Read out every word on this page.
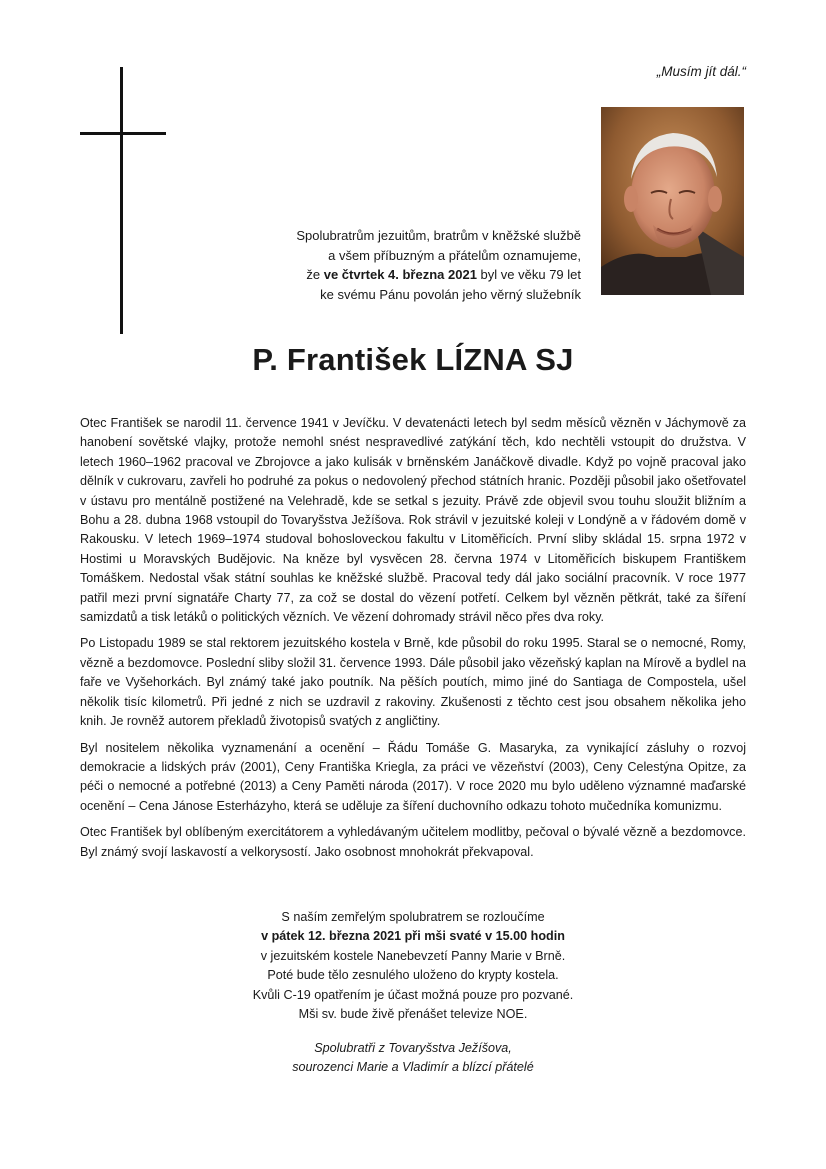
„Musím jít dál.“
Spolubratrům jezuitům, bratrům v kněžské službě
a všem příbuzným a přátelům oznamujeme,
že ve čtvrtek 4. března 2021 byl ve věku 79 let
ke svému Pánu povolán jeho věrný služebník
P. František LÍZNA SJ

Otec František se narodil 11. července 1941 v Jevíčku. V devatenácti letech byl sedm měsíců vězněn v Jáchymově za hanobení sovětské vlajky, protože nemohl snést nespravedlivé zatýkání těch, kdo nechtěli vstoupit do družstva. V letech 1960–1962 pracoval ve Zbrojovce a jako kulisák v brněnském Janáčkově divadle. Když po vojně pracoval jako dělník v cukrovaru, zavřeli ho podruhé za pokus o nedovolený přechod státních hranic. Později působil jako ošetřovatel v ústavu pro mentálně postižené na Velehradě, kde se setkal s jezuity. Právě zde objevil svou touhu sloužit bližním a Bohu a 28. dubna 1968 vstoupil do Tovaryšstva Ježíšova. Rok strávil v jezuitské koleji v Londýně a v řádovém domě v Rakousku. V letech 1969–1974 studoval bohosloveckou fakultu v Litoměřicích. První sliby skládal 15. srpna 1972 v Hostimi u Moravských Budějovic. Na kněze byl vysvěcen 28. června 1974 v Litoměřicích biskupem Františkem Tomáškem. Nedostal však státní souhlas ke kněžské službě. Pracoval tedy dál jako sociální pracovník. V roce 1977 patřil mezi první signatáře Charty 77, za což se dostal do vězení potřetí. Celkem byl vězněn pětkrát, také za šíření samizdatů a tisk letáků o politických vězních. Ve vězení dohromady strávil něco přes dva roky.

Po Listopadu 1989 se stal rektorem jezuitského kostela v Brně, kde působil do roku 1995. Staral se o nemocné, Romy, vězně a bezdomovce. Poslední sliby složil 31. července 1993. Dále působil jako vězeňský kaplan na Mírově a bydlel na faře ve Vyšehorkách. Byl známý také jako poutník. Na pěších poutích, mimo jiné do Santiaga de Compostela, ušel několik tisíc kilometrů. Při jedné z nich se uzdravil z rakoviny. Zkušenosti z těchto cest jsou obsahem několika jeho knih. Je rovněž autorem překladů životopisů svatých z angličtiny.

Byl nositelem několika vyznamenání a ocenění – Řádu Tomáše G. Masaryka, za vynikající zásluhy o rozvoj demokracie a lidských práv (2001), Ceny Františka Kriegla, za práci ve vězeňství (2003), Ceny Celestýna Opitze, za péči o nemocné a potřebné (2013) a Ceny Paměti národa (2017). V roce 2020 mu bylo uděleno významné maďarské ocenění – Cena Jánose Esterházyho, která se uděluje za šíření duchovního odkazu tohoto mučedníka komunizmu.

Otec František byl oblíbeným exercitátorem a vyhledávaným učitelem modlitby, pečoval o bývalé vězně a bezdomovce. Byl známý svojí laskavostí a velkorysostí. Jako osobnost mnohokrát překvapoval.

S naším zemřelým spolubratrem se rozloučíme

v pátek 12. března 2021 při mši svaté v 15.00 hodin

v jezuitském kostele Nanebevzetí Panny Marie v Brně.

Poté bude tělo zesnulého uloženo do krypty kostela.

Kvůli C-19 opatřením je účast možná pouze pro pozvané.

Mši sv. bude živě přenášet televize NOE.

Spolubratři z Tovaryšstva Ježíšova,

sourozenci Marie a Vladimír a blízcí přátelé
